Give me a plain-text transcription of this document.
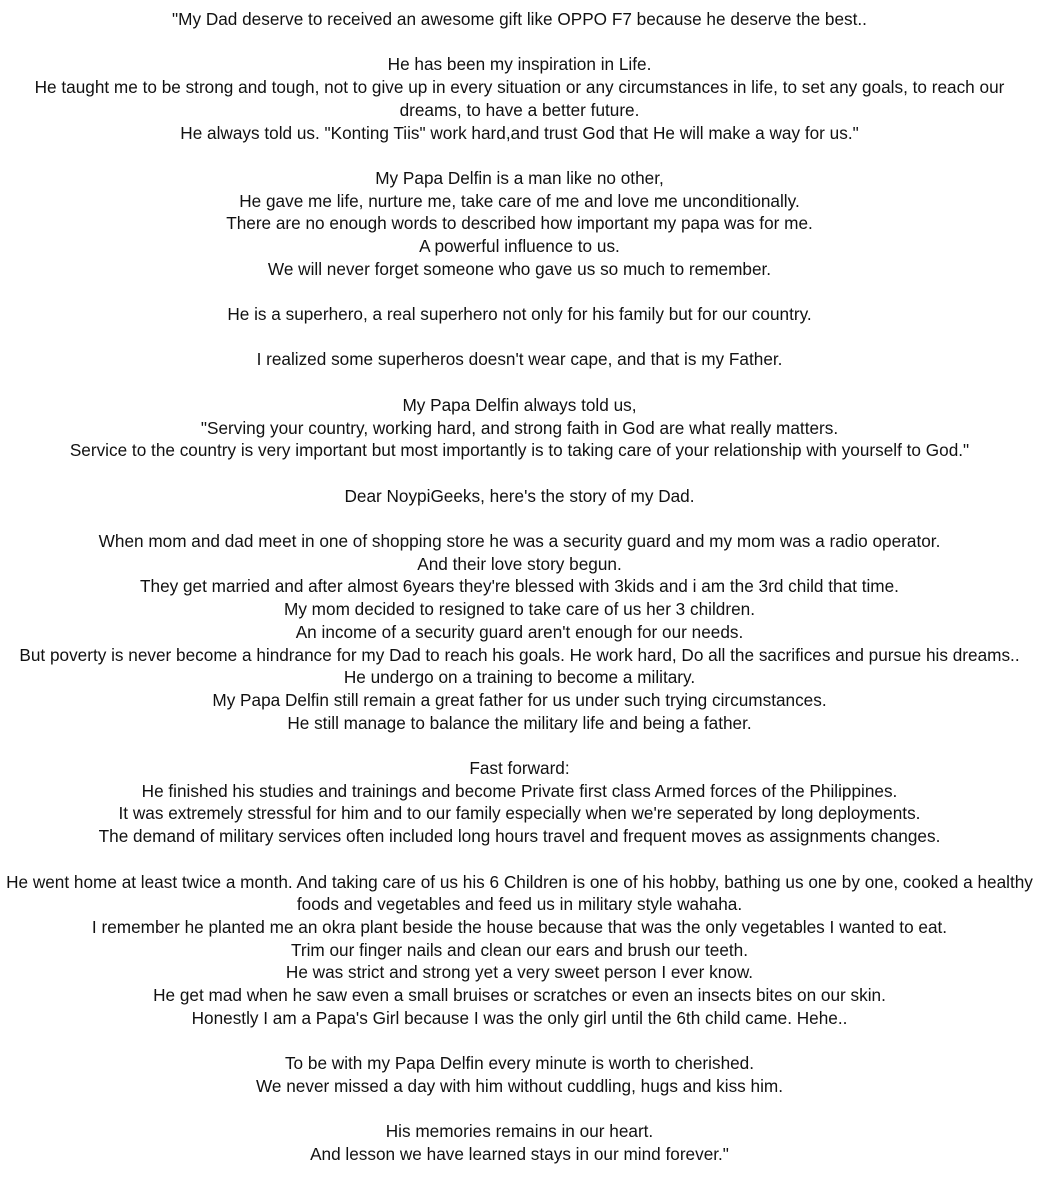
"My Dad deserve to received an awesome gift like OPPO F7 because he deserve the best..
He has been my inspiration in Life.
He taught me to be strong and tough, not to give up in every situation or any circumstances in life, to set any goals, to reach our dreams, to have a better future.
He always told us. "Konting Tiis" work hard,and trust God that He will make a way for us."
My Papa Delfin is a man like no other,
He gave me life, nurture me, take care of me and love me unconditionally.
There are no enough words to described how important my papa was for me.
A powerful influence to us.
We will never forget someone who gave us so much to remember.
He is a superhero, a real superhero not only for his family but for our country.
I realized some superheros doesn't wear cape, and that is my Father.
My Papa Delfin always told us,
"Serving your country, working hard, and strong faith in God are what really matters.
Service to the country is very important but most importantly is to taking care of your relationship with yourself to God."
Dear NoypiGeeks, here's the story of my Dad.
When mom and dad meet in one of shopping store he was a security guard and my mom was a radio operator.
And their love story begun.
They get married and after almost 6years they're blessed with 3kids and i am the 3rd child that time.
My mom decided to resigned to take care of us her 3 children.
An income of a security guard aren't enough for our needs.
But poverty is never become a hindrance for my Dad to reach his goals. He work hard, Do all the sacrifices and pursue his dreams..
He undergo on a training to become a military.
My Papa Delfin still remain a great father for us under such trying circumstances.
He still manage to balance the military life and being a father.
Fast forward:
He finished his studies and trainings and become Private first class Armed forces of the Philippines.
It was extremely stressful for him and to our family especially when we're seperated by long deployments.
The demand of military services often included long hours travel and frequent moves as assignments changes.
He went home at least twice a month. And taking care of us his 6 Children is one of his hobby, bathing us one by one, cooked a healthy foods and vegetables and feed us in military style wahaha.
I remember he planted me an okra plant beside the house because that was the only vegetables I wanted to eat.
Trim our finger nails and clean our ears and brush our teeth.
He was strict and strong yet a very sweet person I ever know.
He get mad when he saw even a small bruises or scratches or even an insects bites on our skin.
Honestly I am a Papa's Girl because I was the only girl until the 6th child came. Hehe..
To be with my Papa Delfin every minute is worth to cherished.
We never missed a day with him without cuddling, hugs and kiss him.
His memories remains in our heart.
And lesson we have learned stays in our mind forever."
